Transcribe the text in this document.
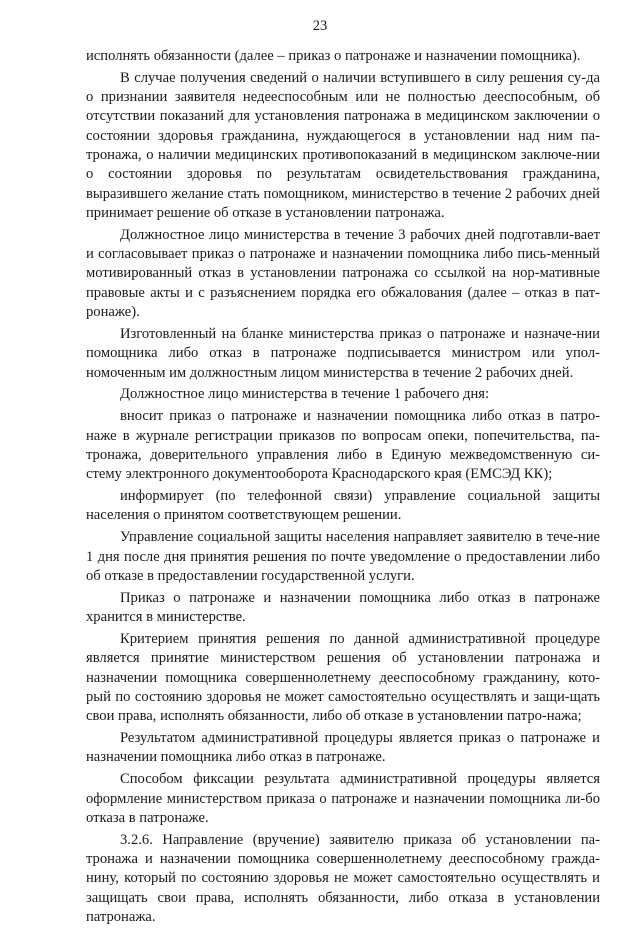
23

исполнять обязанности (далее – приказ о патронаже и назначении помощника).

В случае получения сведений о наличии вступившего в силу решения су-да о признании заявителя недееспособным или не полностью дееспособным, об отсутствии показаний для установления патронажа в медицинском заключении о состоянии здоровья гражданина, нуждающегося в установлении над ним па-тронажа, о наличии медицинских противопоказаний в медицинском заключе-нии о состоянии здоровья по результатам освидетельствования гражданина, выразившего желание стать помощником, министерство в течение 2 рабочих дней принимает решение об отказе в установлении патронажа.

Должностное лицо министерства в течение 3 рабочих дней подготавли-вает и согласовывает приказ о патронаже и назначении помощника либо пись-менный мотивированный отказ в установлении патронажа со ссылкой на нор-мативные правовые акты и с разъяснением порядка его обжалования (далее – отказ в пат-ронаже).

Изготовленный на бланке министерства приказ о патронаже и назначе-нии помощника либо отказ в патронаже подписывается министром или упол-номоченным им должностным лицом министерства в течение 2 рабочих дней.

Должностное лицо министерства в течение 1 рабочего дня:

вносит приказ о патронаже и назначении помощника либо отказ в патро-наже в журнале регистрации приказов по вопросам опеки, попечительства, па-тронажа, доверительного управления либо в Единую межведомственную си-стему электронного документооборота Краснодарского края (ЕМСЭД КК);

информирует (по телефонной связи) управление социальной защиты населения о принятом соответствующем решении.

Управление социальной защиты населения направляет заявителю в тече-ние 1 дня после дня принятия решения по почте уведомление о предоставлении либо об отказе в предоставлении государственной услуги.

Приказ о патронаже и назначении помощника либо отказ в патронаже хранится в министерстве.

Критерием принятия решения по данной административной процедуре является принятие министерством решения об установлении патронажа и назначении помощника совершеннолетнему дееспособному гражданину, кото-рый по состоянию здоровья не может самостоятельно осуществлять и защи-щать свои права, исполнять обязанности, либо об отказе в установлении патро-нажа;

Результатом административной процедуры является приказ о патронаже и назначении помощника либо отказ в патронаже.

Способом фиксации результата административной процедуры является оформление министерством приказа о патронаже и назначении помощника ли-бо отказа в патронаже.

3.2.6. Направление (вручение) заявителю приказа об установлении па-тронажа и назначении помощника совершеннолетнему дееспособному гражда-нину, который по состоянию здоровья не может самостоятельно осуществлять и защищать свои права, исполнять обязанности, либо отказа в установлении патронажа.
